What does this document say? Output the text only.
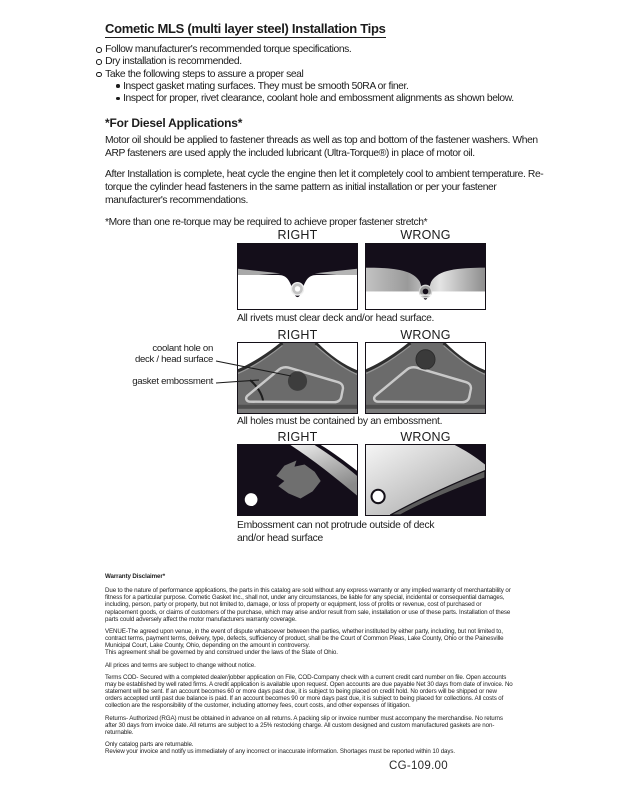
Cometic MLS (multi layer steel) Installation Tips
Follow manufacturer's recommended torque specifications.
Dry installation is recommended.
Take the following steps to assure a proper seal
Inspect gasket mating surfaces. They must be smooth 50RA or finer.
Inspect for proper, rivet clearance, coolant hole and embossment alignments as shown below.
*For Diesel Applications*
Motor oil should be applied to fastener threads as well as top and bottom of the fastener washers. When ARP fasteners are used apply the included lubricant (Ultra-Torque®) in place of motor oil.
After Installation is complete, heat cycle the engine then let it completely cool to ambient temperature. Re-torque the cylinder head fasteners in the same pattern as initial installation or per your fastener manufacturer's recommendations.
*More than one re-torque may be required to achieve proper fastener stretch*
RIGHT	WRONG
All rivets must clear deck and/or head surface.
RIGHT	WRONG
coolant hole on
deck / head surface
gasket embossment
All holes must be contained by an embossment.
RIGHT	WRONG
Embossment can not protrude outside of deck and/or head surface

Warranty Disclaimer*

Due to the nature of performance applications, the parts in this catalog are sold without any express warranty or any implied warranty of merchantability or fitness for a particular purpose. Cometic Gasket Inc., shall not, under any circumstances, be liable for any special, incidental or consequential damages, including, person, party or property, but not limited to, damage, or loss of property or equipment, loss of profits or revenue, cost of purchased or replacement goods, or claims of customers of the purchase, which may arise and/or result from sale, installation or use of these parts. Installation of these parts could adversely affect the motor manufacturers warranty coverage.

VENUE-The agreed upon venue, in the event of dispute whatsoever between the parties, whether instituted by either party, including, but not limited to, contract terms, payment terms, delivery, type, defects, sufficiency of product, shall be the Court of Common Pleas, Lake County, Ohio or the Painesville Municipal Court, Lake County, Ohio, depending on the amount in controversy.

This agreement shall be governed by and construed under the laws of the State of Ohio.

All prices and terms are subject to change without notice.

Terms COD- Secured with a completed dealer/jobber application on File, COD-Company check with a current credit card number on file. Open accounts may be established by well rated firms. A credit application is available upon request. Open accounts are due payable Net 30 days from date of invoice. No statement will be sent. If an account becomes 60 or more days past due, it is subject to being placed on credit hold. No orders will be shipped or new orders accepted until past due balance is paid. If an account becomes 90 or more days past due, it is subject to being placed for collections. All costs of collection are the responsibility of the customer, including attorney fees, court costs, and other expenses of litigation.

Returns- Authorized (RGA) must be obtained in advance on all returns. A packing slip or invoice number must accompany the merchandise. No returns after 30 days from invoice date. All returns are subject to a 25% restocking charge. All custom designed and custom manufactured gaskets are non-returnable.

Only catalog parts are returnable.

Review your invoice and notify us immediately of any incorrect or inaccurate information. Shortages must be reported within 10 days.

CG-109.00
